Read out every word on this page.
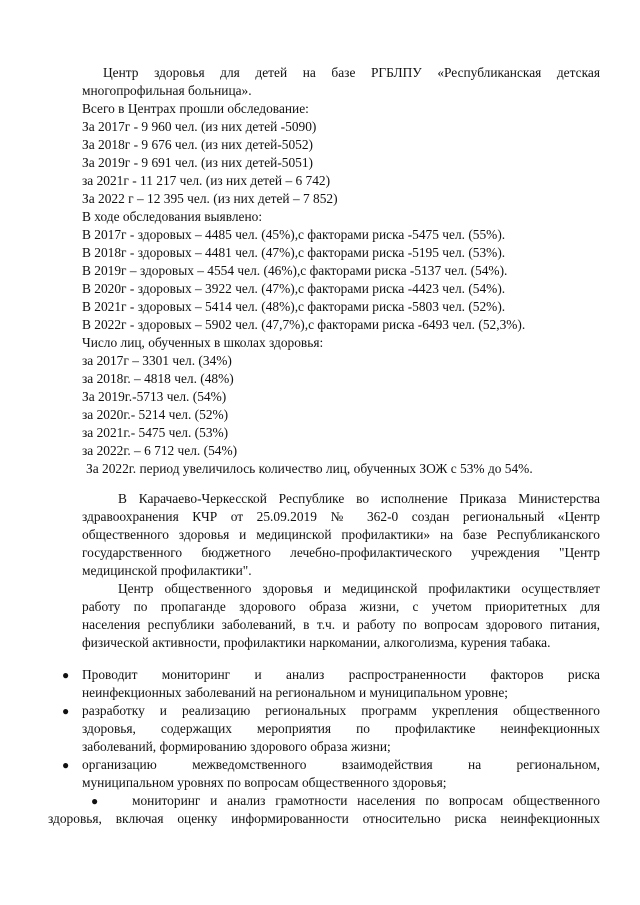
Центр здоровья для детей на базе РГБЛПУ «Республиканская детская
многопрофильная больница».
Всего в Центрах прошли обследование:
За 2017г - 9 960 чел. (из них детей -5090)
За 2018г - 9 676 чел. (из них детей-5052)
За 2019г - 9 691 чел. (из них детей-5051)
за 2021г - 11 217 чел. (из них детей – 6 742)
За 2022 г – 12 395 чел. (из них детей – 7 852)
В ходе обследования выявлено:
В 2017г - здоровых – 4485 чел. (45%),с факторами риска -5475 чел. (55%).
В 2018г - здоровых – 4481 чел. (47%),с факторами риска -5195 чел. (53%).
В 2019г – здоровых – 4554 чел. (46%),с факторами риска -5137 чел. (54%).
В 2020г - здоровых – 3922 чел. (47%),с факторами риска -4423 чел. (54%).
В 2021г - здоровых – 5414 чел. (48%),с факторами риска -5803 чел. (52%).
В 2022г - здоровых – 5902 чел. (47,7%),с факторами риска -6493 чел. (52,3%).
Число лиц, обученных в школах здоровья:
за 2017г – 3301 чел. (34%)
за 2018г. – 4818 чел. (48%)
За 2019г.-5713 чел. (54%)
за 2020г.- 5214 чел. (52%)
за 2021г.- 5475 чел. (53%)
за 2022г. – 6 712 чел. (54%)
За 2022г. период увеличилось количество лиц, обученных ЗОЖ с 53% до 54%.
В Карачаево-Черкесской Республике во исполнение Приказа Министерства
здравоохранения КЧР от 25.09.2019 № 362-0 создан региональный «Центр
общественного здоровья и медицинской профилактики» на базе Республиканского
государственного бюджетного лечебно-профилактического учреждения "Центр
медицинской профилактики".
Центр общественного здоровья и медицинской профилактики осуществляет
работу по пропаганде здорового образа жизни, с учетом приоритетных для
населения республики заболеваний, в т.ч. и работу по вопросам здорового питания,
физической активности, профилактики наркомании, алкоголизма, курения табака.
● Проводит мониторинг и анализ распространенности факторов риска
неинфекционных заболеваний на региональном и муниципальном уровне;
● разработку и реализацию региональных программ укрепления общественного
здоровья, содержащих мероприятия по профилактике неинфекционных
заболеваний, формированию здорового образа жизни;
● организацию межведомственного взаимодействия на региональном,
муниципальном уровнях по вопросам общественного здоровья;
●	мониторинг и анализ грамотности населения по вопросам общественного
здоровья, включая оценку информированности относительно риска неинфекционных
